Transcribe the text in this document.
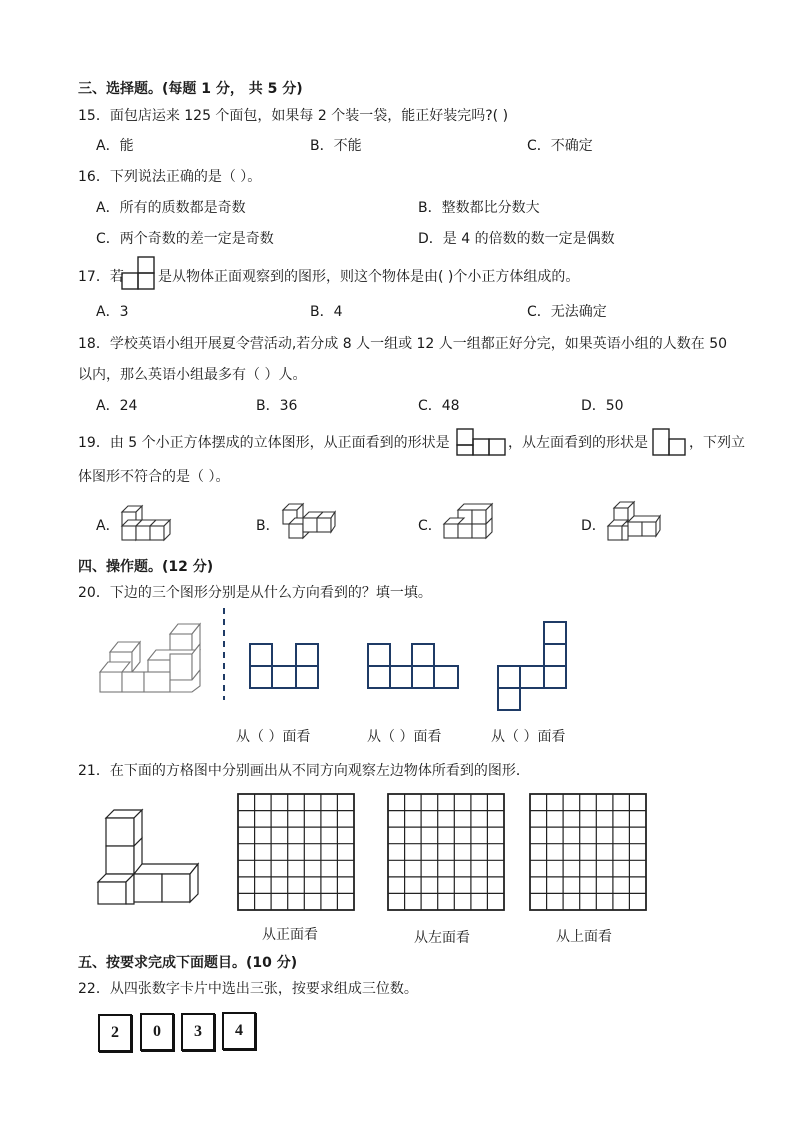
三、选择题。(每题 1 分， 共 5 分)
15．面包店运来 125 个面包，如果每 2 个装一袋，能正好装完吗?( )
A．能	B．不能	C．不确定
16．下列说法正确的是（ ）。
A．所有的质数都是奇数	B．整数都比分数大
C．两个奇数的差一定是奇数	D．是 4 的倍数的数一定是偶数
17．若 是从物体正面观察到的图形，则这个物体是由( )个小正方体组成的。
A．3	B．4	C．无法确定
18．学校英语小组开展夏令营活动,若分成 8 人一组或 12 人一组都正好分完，如果英语小组的人数在 50
以内，那么英语小组最多有（ ）人。
A．24	B．36	C．48	D．50
19．由 5 个小正方体摆成的立体图形，从正面看到的形状是	，从左面看到的形状是	，下列立
体图形不符合的是（ ）。
A．	B．	C．	D．
四、操作题。(12 分)
20．下边的三个图形分别是从什么方向看到的？填一填。
从（ ）面看	从（ ）面看	从（ ）面看
21．在下面的方格图中分别画出从不同方向观察左边物体所看到的图形．
从正面看	从左面看	从上面看
五、按要求完成下面题目。(10 分)
22．从四张数字卡片中选出三张，按要求组成三位数。
2	0	3	4
